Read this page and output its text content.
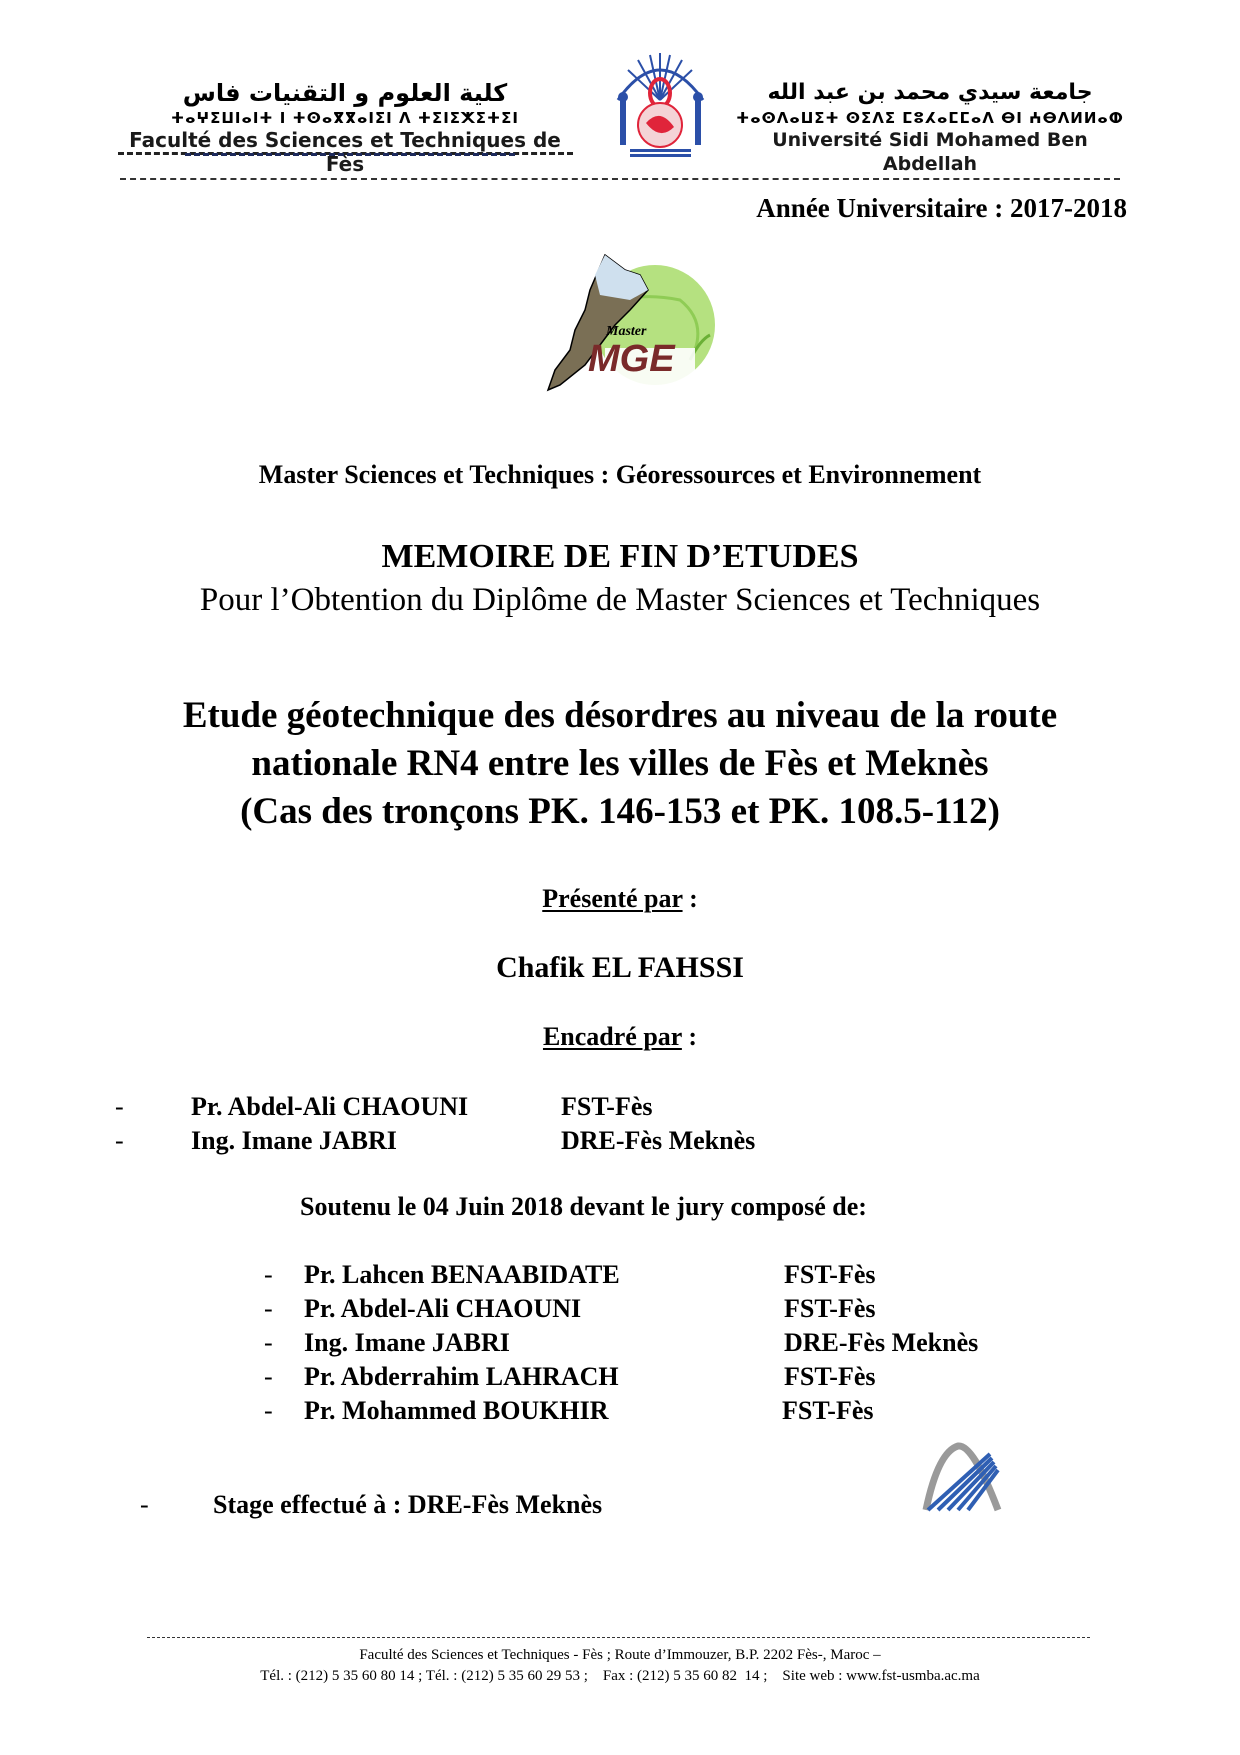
كلية العلوم و التقنيات فاس
ⵜⴰⵖⵉⵡⵏⴰⵏⵜ ⵏ ⵜⵙⴰⴳⴳⴰⵏⵉⵏ ⴷ ⵜⵉⵏⵉⵅⵉⵜⵉⵏ
Faculté des Sciences et Techniques de Fès
جامعة سيدي محمد بن عبد الله
ⵜⴰⵙⴷⴰⵡⵉⵜ ⵙⵉⴷⵉ ⵎⵓⵃⴰⵎⵎⴰⴷ ⴱⵏ ⵄⴱⴷⵍⵍⴰⵀ
Université Sidi Mohamed Ben Abdellah
Année Universitaire : 2017-2018
Master
MGE
Master Sciences et Techniques : Géoressources et Environnement
MEMOIRE DE FIN D’ETUDES
Pour l’Obtention du Diplôme de Master Sciences et Techniques
Etude géotechnique des désordres au niveau de la route
nationale RN4 entre les villes de Fès et Meknès
(Cas des tronçons PK. 146-153 et PK. 108.5-112)
Présenté par :
Chafik EL FAHSSI
Encadré par :
-	Pr. Abdel-Ali CHAOUNI	FST-Fès
-	Ing. Imane JABRI	DRE-Fès Meknès
Soutenu le 04 Juin 2018 devant le jury composé de:
-	Pr. Lahcen BENAABIDATE	FST-Fès
-	Pr. Abdel-Ali CHAOUNI	FST-Fès
-	Ing. Imane JABRI	DRE-Fès Meknès
-	Pr. Abderrahim LAHRACH	FST-Fès
-	Pr. Mohammed BOUKHIR	FST-Fès
-	Stage effectué à : DRE-Fès Meknès
Faculté des Sciences et Techniques - Fès ; Route d’Immouzer, B.P. 2202 Fès-, Maroc –
Tél. : (212) 5 35 60 80 14 ; Tél. : (212) 5 35 60 29 53 ;    Fax : (212) 5 35 60 82  14 ;    Site web : www.fst-usmba.ac.ma
